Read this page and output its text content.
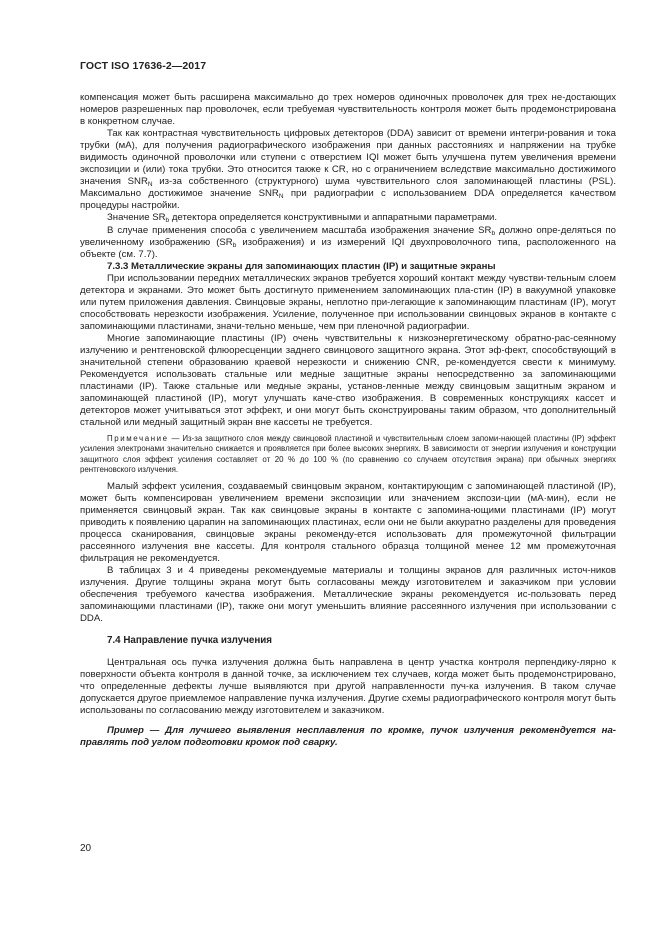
ГОСТ ISO 17636-2—2017

компенсация может быть расширена максимально до трех номеров одиночных проволочек для трех не-достающих номеров разрешенных пар проволочек, если требуемая чувствительность контроля может быть продемонстрирована в конкретном случае.

Так как контрастная чувствительность цифровых детекторов (DDA) зависит от времени интегри-рования и тока трубки (мА), для получения радиографического изображения при данных расстояниях и напряжении на трубке видимость одиночной проволочки или ступени с отверстием IQI может быть улучшена путем увеличения времени экспозиции и (или) тока трубки. Это относится также к CR, но с ограничением вследствие максимально достижимого значения $SNR_N$ из-за собственного (структурного) шума чувствительного слоя запоминающей пластины (PSL). Максимально достижимое значение $SNR_N$ при радиографии с использованием DDA определяется качеством процедуры настройки.

Значение $SR_b$ детектора определяется конструктивными и аппаратными параметрами.

В случае применения способа с увеличением масштаба изображения значение $SR_b$ должно опре-деляться по увеличенному изображению ($SR_b$ изображения) и из измерений IQI двухпроволочного типа, расположенного на объекте (см. 7.7).

7.3.3 Металлические экраны для запоминающих пластин (IP) и защитные экраны

При использовании передних металлических экранов требуется хороший контакт между чувстви-тельным слоем детектора и экранами. Это может быть достигнуто применением запоминающих пла-стин (IP) в вакуумной упаковке или путем приложения давления. Свинцовые экраны, неплотно при-легающие к запоминающим пластинам (IP), могут способствовать нерезкости изображения. Усиление, полученное при использовании свинцовых экранов в контакте с запоминающими пластинами, значи-тельно меньше, чем при пленочной радиографии.

Многие запоминающие пластины (IP) очень чувствительны к низкоэнергетическому обратно-рас-сеянному излучению и рентгеновской флюоресценции заднего свинцового защитного экрана. Этот эф-фект, способствующий в значительной степени образованию краевой нерезкости и снижению CNR, ре-комендуется свести к минимуму. Рекомендуется использовать стальные или медные защитные экраны непосредственно за запоминающими пластинами (IP). Также стальные или медные экраны, установ-ленные между свинцовым защитным экраном и запоминающей пластиной (IP), могут улучшать каче-ство изображения. В современных конструкциях кассет и детекторов может учитываться этот эффект, и они могут быть сконструированы таким образом, что дополнительный стальной или медный защитный экран вне кассеты не требуется.

Примечание — Из-за защитного слоя между свинцовой пластиной и чувствительным слоем запоми-нающей пластины (IP) эффект усиления электронами значительно снижается и проявляется при более высоких энергиях. В зависимости от энергии излучения и конструкции защитного слоя эффект усиления составляет от 20 % до 100 % (по сравнению со случаем отсутствия экрана) при обычных энергиях рентгеновского излучения.

Малый эффект усиления, создаваемый свинцовым экраном, контактирующим с запоминающей пластиной (IP), может быть компенсирован увеличением времени экспозиции или значением экспози-ции (мА·мин), если не применяется свинцовый экран. Так как свинцовые экраны в контакте с запомина-ющими пластинами (IP) могут приводить к появлению царапин на запоминающих пластинах, если они не были аккуратно разделены для проведения процесса сканирования, свинцовые экраны рекоменду-ется использовать для промежуточной фильтрации рассеянного излучения вне кассеты. Для контроля стального образца толщиной менее 12 мм промежуточная фильтрация не рекомендуется.

В таблицах 3 и 4 приведены рекомендуемые материалы и толщины экранов для различных источ-ников излучения. Другие толщины экрана могут быть согласованы между изготовителем и заказчиком при условии обеспечения требуемого качества изображения. Металлические экраны рекомендуется ис-пользовать перед запоминающими пластинами (IP), также они могут уменьшить влияние рассеянного излучения при использовании с DDA.

7.4 Направление пучка излучения

Центральная ось пучка излучения должна быть направлена в центр участка контроля перпендику-лярно к поверхности объекта контроля в данной точке, за исключением тех случаев, когда может быть продемонстрировано, что определенные дефекты лучше выявляются при другой направленности пуч-ка излучения. В таком случае допускается другое приемлемое направление пучка излучения. Другие схемы радиографического контроля могут быть использованы по согласованию между изготовителем и заказчиком.

Пример — Для лучшего выявления несплавления по кромке, пучок излучения рекомендуется на-правлять под углом подготовки кромок под сварку.

20
